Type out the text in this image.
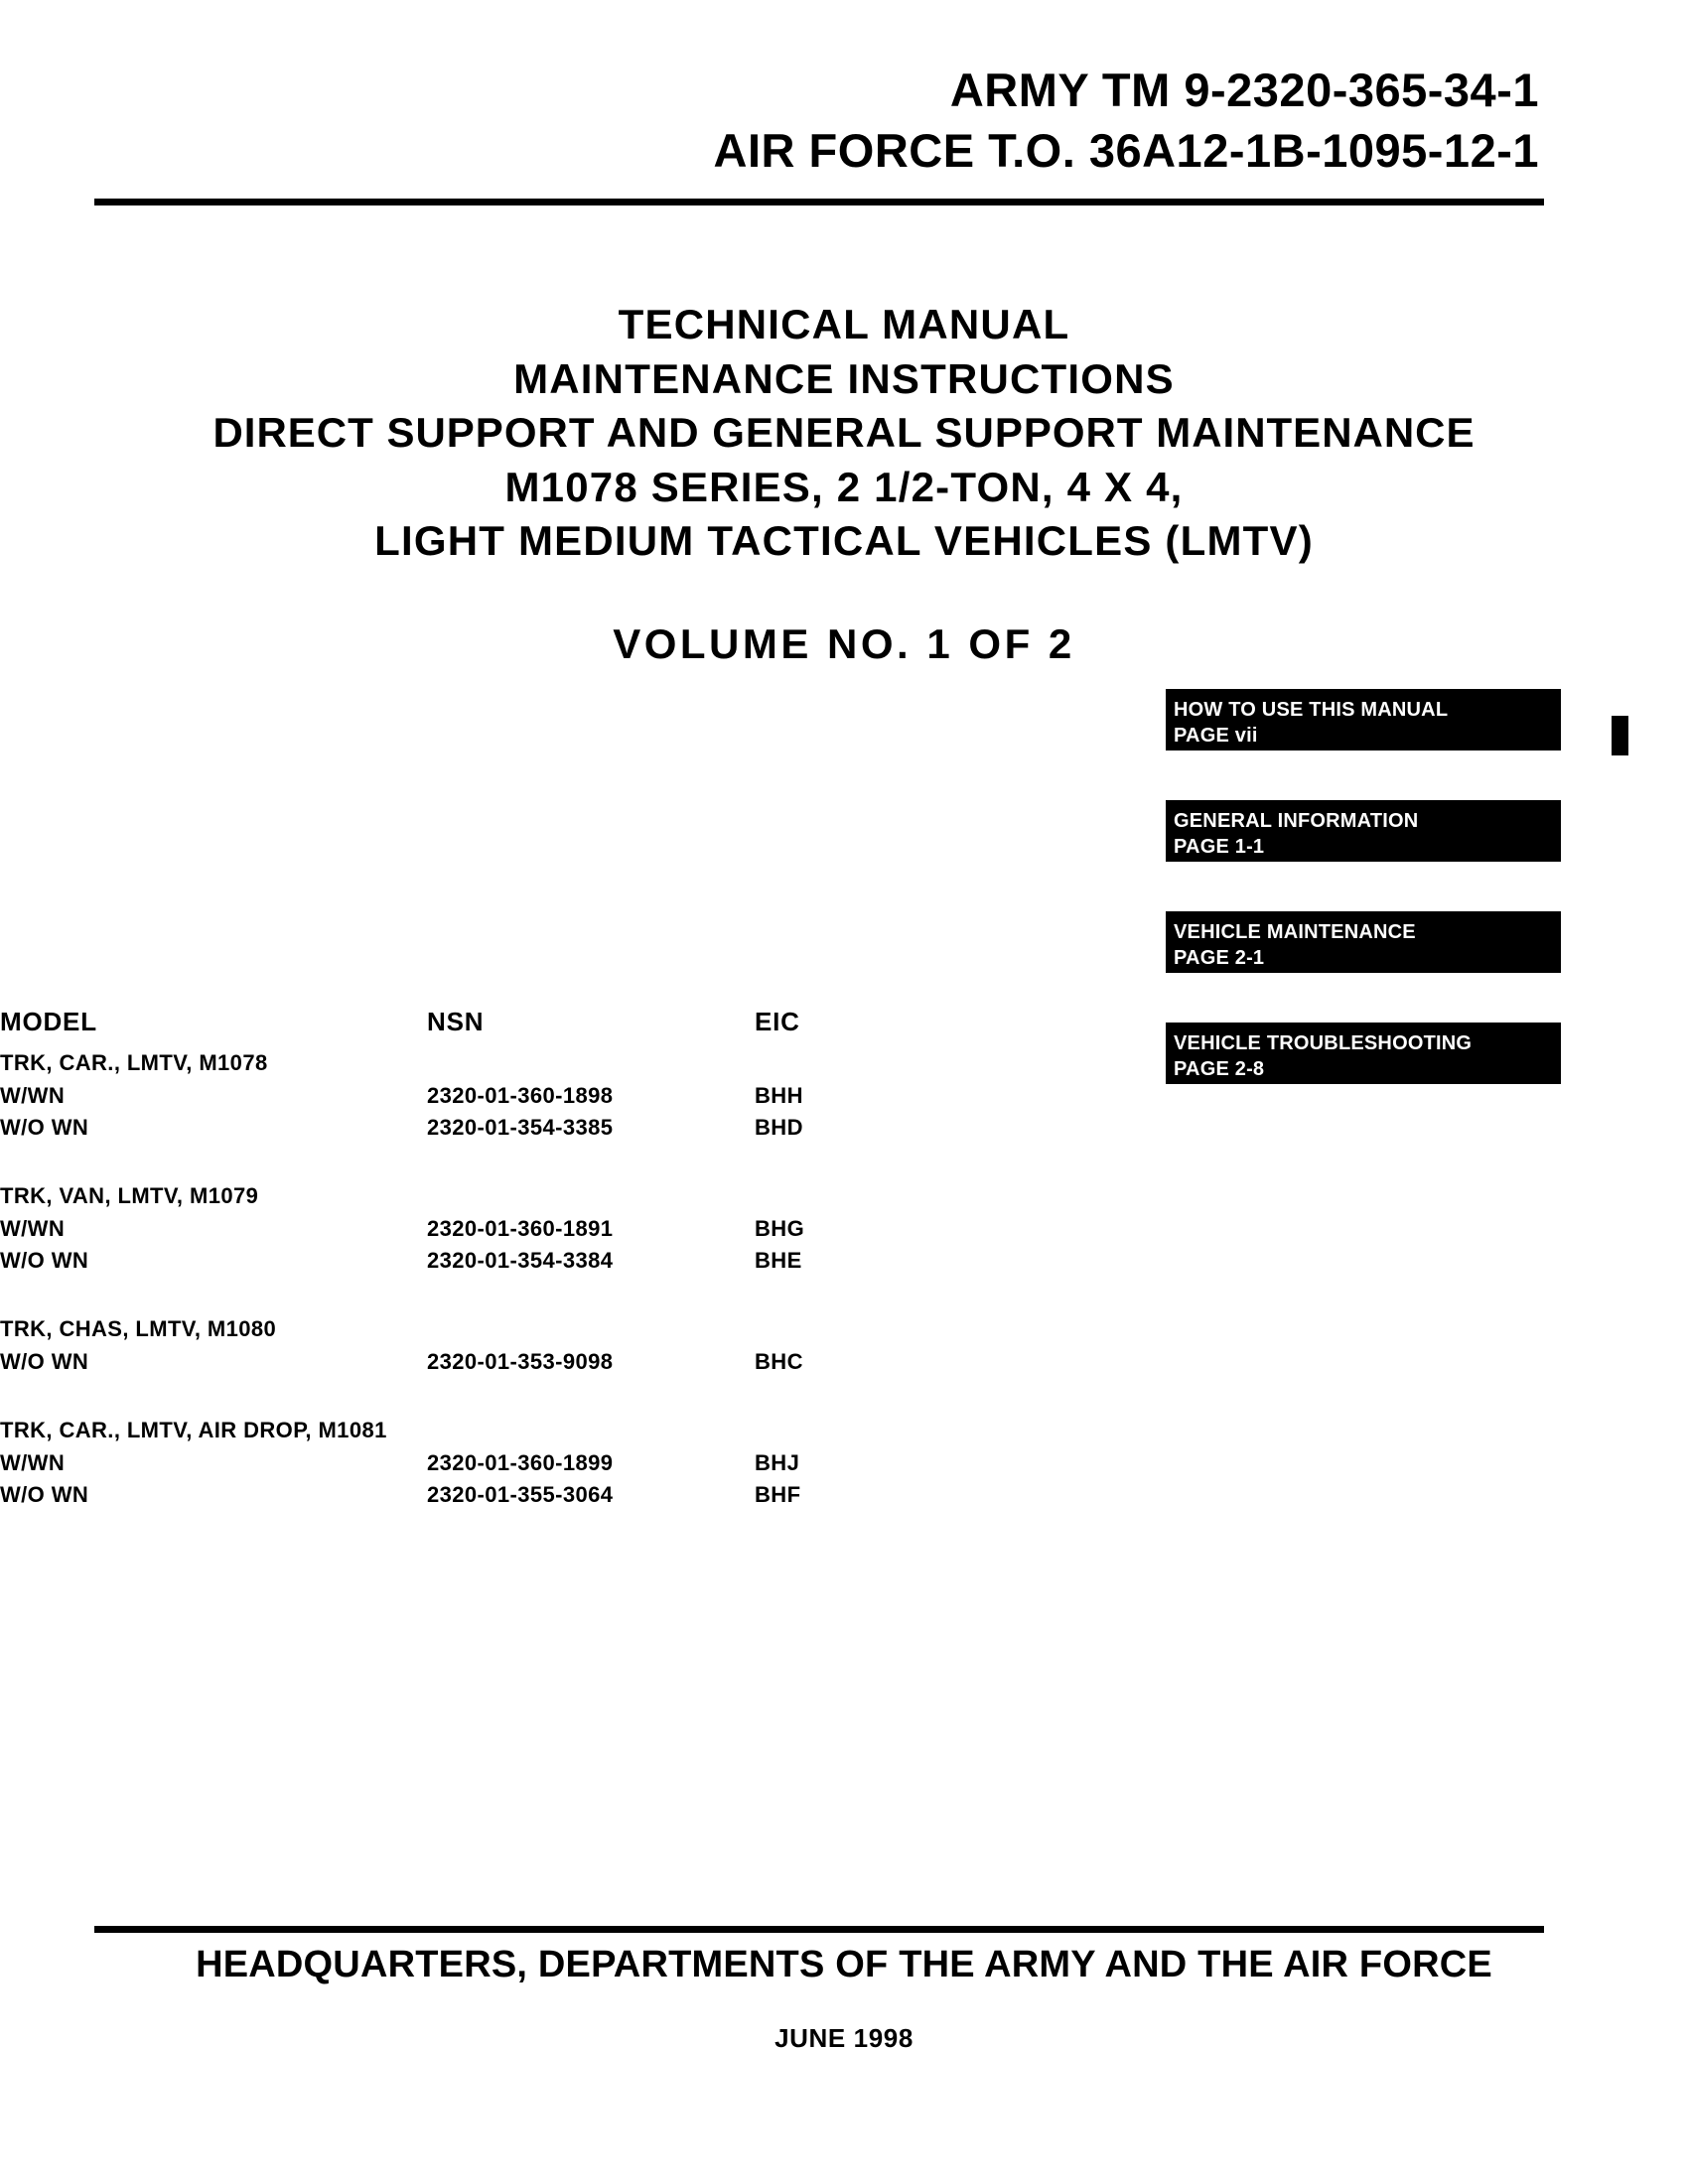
ARMY TM 9-2320-365-34-1
AIR FORCE T.O. 36A12-1B-1095-12-1
TECHNICAL MANUAL
MAINTENANCE INSTRUCTIONS
DIRECT SUPPORT AND GENERAL SUPPORT MAINTENANCE
M1078 SERIES, 2 1/2-TON, 4 X 4,
LIGHT MEDIUM TACTICAL VEHICLES (LMTV)
VOLUME NO. 1 OF 2
HOW TO USE THIS MANUAL
PAGE vii
GENERAL INFORMATION
PAGE 1-1
VEHICLE MAINTENANCE
PAGE 2-1
VEHICLE TROUBLESHOOTING
PAGE 2-8
MODEL	NSN	EIC
TRK, CAR., LMTV, M1078		
W/WN	2320-01-360-1898	BHH
W/O WN	2320-01-354-3385	BHD

TRK, VAN, LMTV, M1079		
W/WN	2320-01-360-1891	BHG
W/O WN	2320-01-354-3384	BHE

TRK, CHAS, LMTV, M1080		
W/O WN	2320-01-353-9098	BHC

TRK, CAR., LMTV, AIR DROP, M1081		
W/WN	2320-01-360-1899	BHJ
W/O WN	2320-01-355-3064	BHF
HEADQUARTERS, DEPARTMENTS OF THE ARMY AND THE AIR FORCE
JUNE 1998
